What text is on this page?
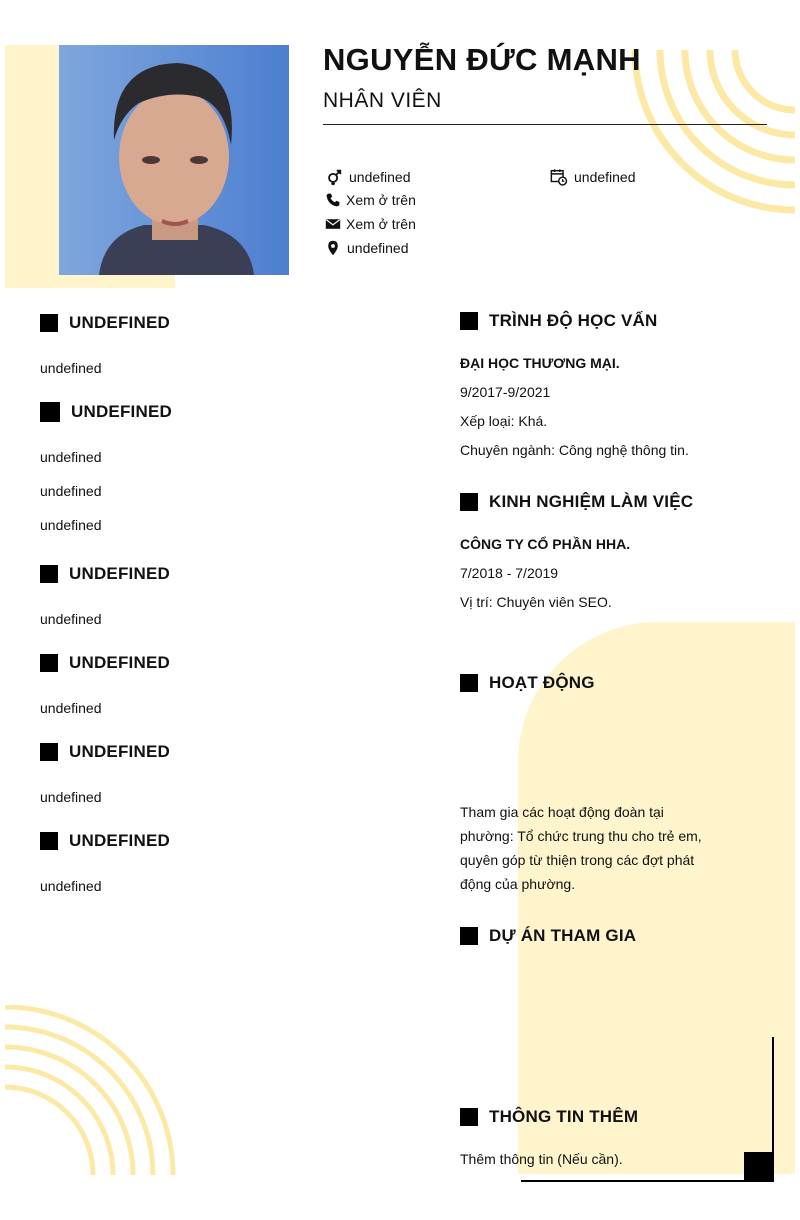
NGUYỄN ĐỨC MẠNH
NHÂN VIÊN
undefined	undefined
Xem ở trên
Xem ở trên
undefined
UNDEFINED
undefined
UNDEFINED
undefined
undefined
undefined
UNDEFINED
undefined
UNDEFINED
undefined
UNDEFINED
undefined
UNDEFINED
undefined
TRÌNH ĐỘ HỌC VẤN
ĐẠI HỌC THƯƠNG MẠI.
9/2017-9/2021
Xếp loại: Khá.
Chuyên ngành: Công nghệ thông tin.
KINH NGHIỆM LÀM VIỆC
CÔNG TY CỔ PHẦN HHA.
7/2018 - 7/2019
Vị trí: Chuyên viên SEO.
HOẠT ĐỘNG
Tham gia các hoạt động đoàn tại phường: Tổ chức trung thu cho trẻ em, quyên góp từ thiện trong các đợt phát động của phường.
DỰ ÁN THAM GIA
THÔNG TIN THÊM
Thêm thông tin (Nếu cần).
